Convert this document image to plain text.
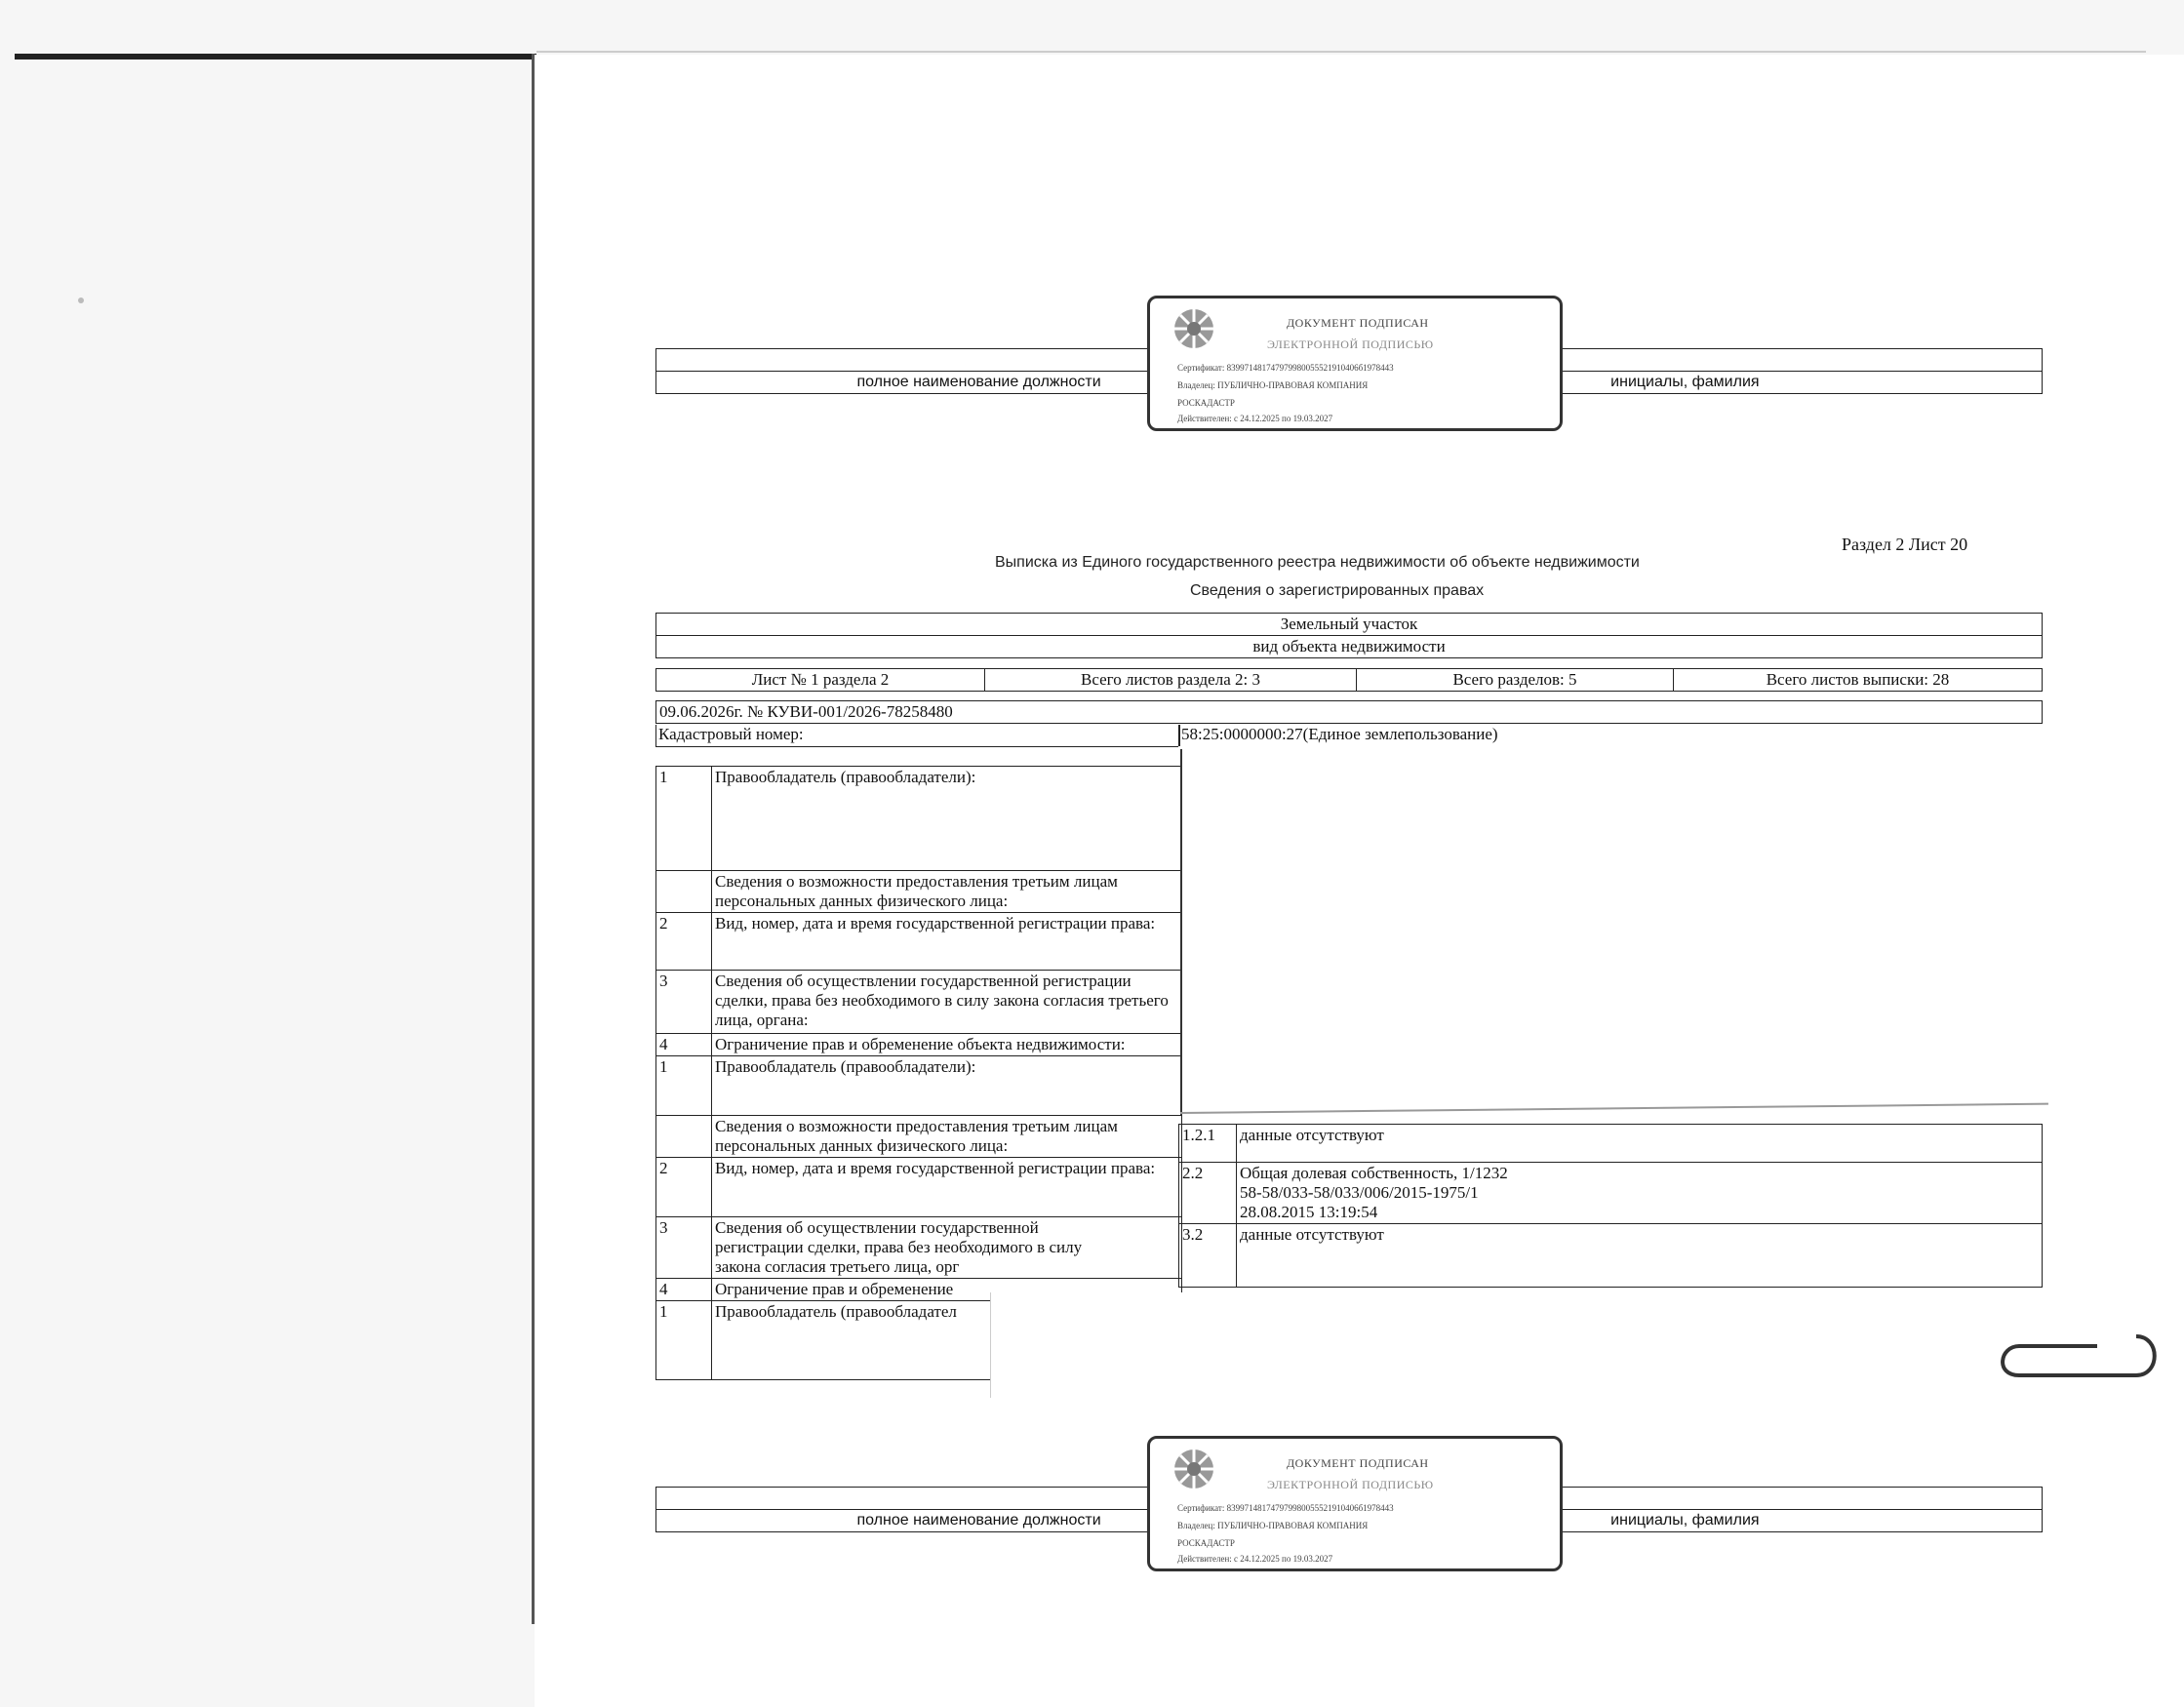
полное наименование должности		инициалы, фамилия
ДОКУМЕНТ ПОДПИСАН
ЭЛЕКТРОННОЙ ПОДПИСЬЮ
Сертификат: 839971481747979980055521910406б1978443
Владелец: ПУБЛИЧНО-ПРАВОВАЯ КОМПАНИЯ
РОСКАДАСТР
Действителен: с 24.12.2025 по 19.03.2027
Раздел 2 Лист 20
Выписка из Единого государственного реестра недвижимости об объекте недвижимости
Сведения о зарегистрированных правах
Земельный участок
вид объекта недвижимости
Лист № 1 раздела 2	Всего листов раздела 2: 3	Всего разделов: 5	Всего листов выписки: 28
09.06.2026г. № КУВИ-001/2026-78258480
Кадастровый номер:	58:25:0000000:27(Единое землепользование)
1	Правообладатель (правообладатели):
	Сведения о возможности предоставления третьим лицам персональных данных физического лица:
2	Вид, номер, дата и время государственной регистрации права:
3	Сведения об осуществлении государственной регистрации сделки, права без необходимого в силу закона согласия третьего лица, органа:
4	Ограничение прав и обременение объекта недвижимости:
1	Правообладатель (правообладатели):
	Сведения о возможности предоставления третьим лицам персональных данных физического лица:
2	Вид, номер, дата и время государственной регистрации права:
3	Сведения об осуществлении государственной
регистрации сделки, права без необходимого в силу
закона согласия третьего лица, орг

4	Ограничение прав и обременение
1	Правообладатель (правообладател
1.2.1	данные отсутствуют
2.2	Общая долевая собственность, 1/1232
58-58/033-58/033/006/2015-1975/1
28.08.2015 13:19:54

3.2	данные отсутствуют

полное наименование должности		инициалы, фамилия
ДОКУМЕНТ ПОДПИСАН
ЭЛЕКТРОННОЙ ПОДПИСЬЮ
Сертификат: 839971481747979980055521910406б1978443
Владелец: ПУБЛИЧНО-ПРАВОВАЯ КОМПАНИЯ
РОСКАДАСТР
Действителен: с 24.12.2025 по 19.03.2027
